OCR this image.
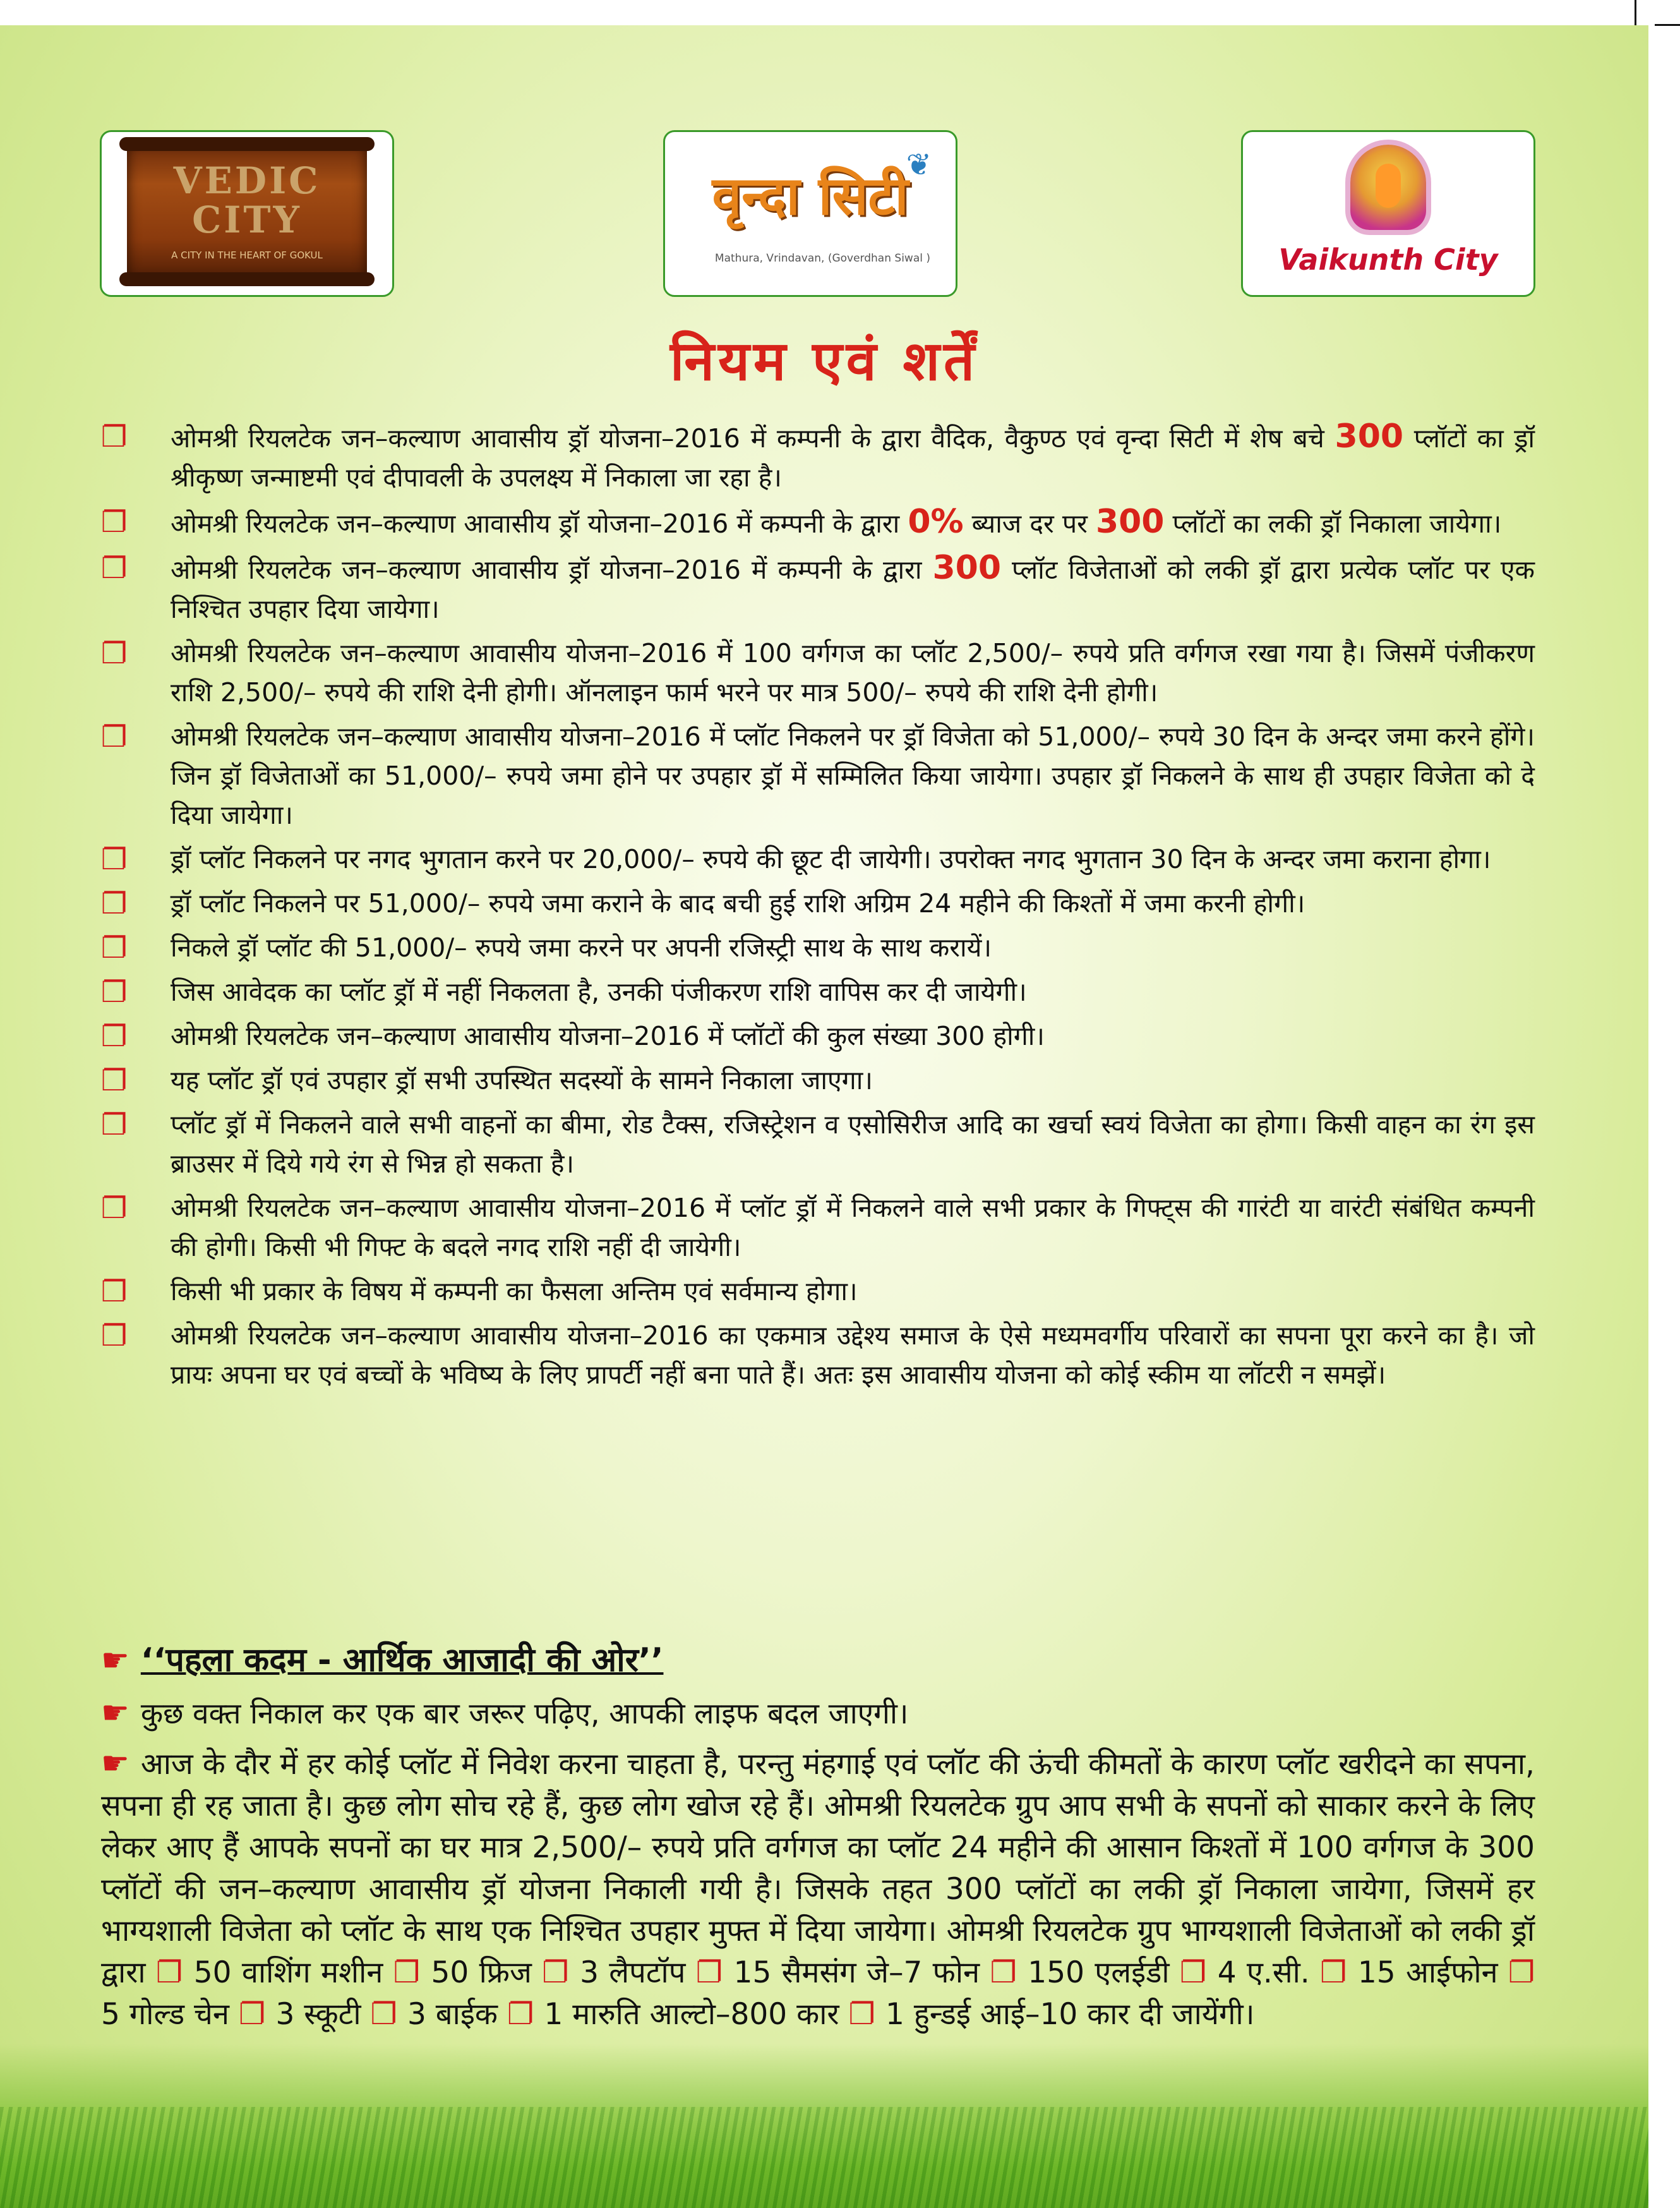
VEDIC CITY
A CITY IN THE HEART OF GOKUL
वृन्दा सिटी
❦
Mathura, Vrindavan, (Goverdhan Siwal )	Vaikunth City
नियम एवं शर्तें
❐ ओमश्री रियलटेक जन–कल्याण आवासीय ड्रॉ योजना–2016 में कम्पनी के द्वारा वैदिक, वैकुण्ठ एवं वृन्दा सिटी में शेष बचे 300 प्लॉटों का ड्रॉ श्रीकृष्ण जन्माष्टमी एवं दीपावली के उपलक्ष्य में निकाला जा रहा है।
❐ ओमश्री रियलटेक जन–कल्याण आवासीय ड्रॉ योजना–2016 में कम्पनी के द्वारा 0% ब्याज दर पर 300 प्लॉटों का लकी ड्रॉ निकाला जायेगा।
❐ ओमश्री रियलटेक जन–कल्याण आवासीय ड्रॉ योजना–2016 में कम्पनी के द्वारा 300 प्लॉट विजेताओं को लकी ड्रॉ द्वारा प्रत्येक प्लॉट पर एक निश्चित उपहार दिया जायेगा।
❐ ओमश्री रियलटेक जन–कल्याण आवासीय योजना–2016 में 100 वर्गगज का प्लॉट 2,500/– रुपये प्रति वर्गगज रखा गया है। जिसमें पंजीकरण राशि 2,500/– रुपये की राशि देनी होगी। ऑनलाइन फार्म भरने पर मात्र 500/– रुपये की राशि देनी होगी।
❐ ओमश्री रियलटेक जन–कल्याण आवासीय योजना–2016 में प्लॉट निकलने पर ड्रॉ विजेता को 51,000/– रुपये 30 दिन के अन्दर जमा करने होंगे। जिन ड्रॉ विजेताओं का 51,000/– रुपये जमा होने पर उपहार ड्रॉ में सम्मिलित किया जायेगा। उपहार ड्रॉ निकलने के साथ ही उपहार विजेता को दे दिया जायेगा।
❐ ड्रॉ प्लॉट निकलने पर नगद भुगतान करने पर 20,000/– रुपये की छूट दी जायेगी। उपरोक्त नगद भुगतान 30 दिन के अन्दर जमा कराना होगा।
❐ ड्रॉ प्लॉट निकलने पर 51,000/– रुपये जमा कराने के बाद बची हुई राशि अग्रिम 24 महीने की किश्तों में जमा करनी होगी।
❐ निकले ड्रॉ प्लॉट की 51,000/– रुपये जमा करने पर अपनी रजिस्ट्री साथ के साथ करायें।
❐ जिस आवेदक का प्लॉट ड्रॉ में नहीं निकलता है, उनकी पंजीकरण राशि वापिस कर दी जायेगी।
❐ ओमश्री रियलटेक जन–कल्याण आवासीय योजना–2016 में प्लॉटों की कुल संख्या 300 होगी।
❐ यह प्लॉट ड्रॉ एवं उपहार ड्रॉ सभी उपस्थित सदस्यों के सामने निकाला जाएगा।
❐ प्लॉट ड्रॉ में निकलने वाले सभी वाहनों का बीमा, रोड टैक्स, रजिस्ट्रेशन व एसोसिरीज आदि का खर्चा स्वयं विजेता का होगा। किसी वाहन का रंग इस ब्राउसर में दिये गये रंग से भिन्न हो सकता है।
❐ ओमश्री रियलटेक जन–कल्याण आवासीय योजना–2016 में प्लॉट ड्रॉ में निकलने वाले सभी प्रकार के गिफ्ट्स की गारंटी या वारंटी संबंधित कम्पनी की होगी। किसी भी गिफ्ट के बदले नगद राशि नहीं दी जायेगी।
❐ किसी भी प्रकार के विषय में कम्पनी का फैसला अन्तिम एवं सर्वमान्य होगा।
❐ ओमश्री रियलटेक जन–कल्याण आवासीय योजना–2016 का एकमात्र उद्देश्य समाज के ऐसे मध्यमवर्गीय परिवारों का सपना पूरा करने का है। जो प्रायः अपना घर एवं बच्चों के भविष्य के लिए प्रापर्टी नहीं बना पाते हैं। अतः इस आवासीय योजना को कोई स्कीम या लॉटरी न समझें।
☛ ‘‘पहला कदम - आर्थिक आजादी की ओर’’
☛ कुछ वक्त निकाल कर एक बार जरूर पढ़िए, आपकी लाइफ बदल जाएगी।
☛ आज के दौर में हर कोई प्लॉट में निवेश करना चाहता है, परन्तु मंहगाई एवं प्लॉट की ऊंची कीमतों के कारण प्लॉट खरीदने का सपना, सपना ही रह जाता है। कुछ लोग सोच रहे हैं, कुछ लोग खोज रहे हैं। ओमश्री रियलटेक ग्रुप आप सभी के सपनों को साकार करने के लिए लेकर आए हैं आपके सपनों का घर मात्र 2,500/– रुपये प्रति वर्गगज का प्लॉट 24 महीने की आसान किश्तों में 100 वर्गगज के 300 प्लॉटों की जन–कल्याण आवासीय ड्रॉ योजना निकाली गयी है। जिसके तहत 300 प्लॉटों का लकी ड्रॉ निकाला जायेगा, जिसमें हर भाग्यशाली विजेता को प्लॉट के साथ एक निश्चित उपहार मुफ्त में दिया जायेगा। ओमश्री रियलटेक ग्रुप भाग्यशाली विजेताओं को लकी ड्रॉ द्वारा ❐ 50 वाशिंग मशीन ❐ 50 फ्रिज ❐ 3 लैपटॉप ❐ 15 सैमसंग जे–7 फोन ❐ 150 एलईडी ❐ 4 ए.सी. ❐ 15 आईफोन ❐ 5 गोल्ड चेन ❐ 3 स्कूटी ❐ 3 बाईक ❐ 1 मारुति आल्टो–800 कार ❐ 1 हुन्डई आई–10 कार दी जायेंगी।
